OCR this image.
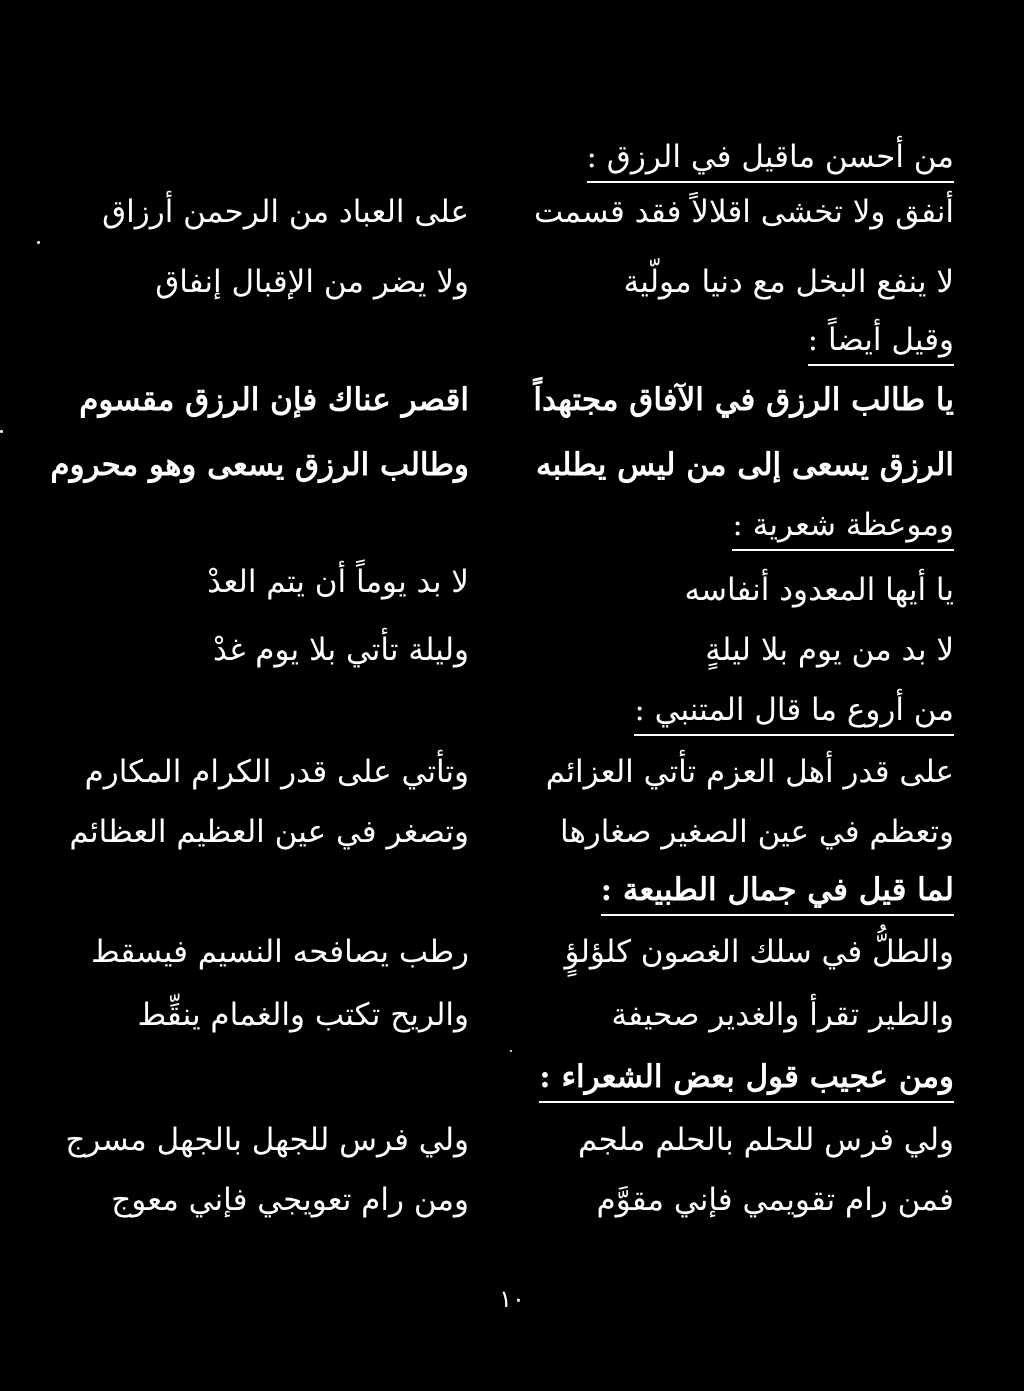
من أحسن ماقيل في الرزق :
أنفق ولا تخشى اقلالاً فقد قسمت
لا ينفع البخل مع دنيا مولّية
وقيل أيضاً :
يا طالب الرزق في الآفاق مجتهداً
الرزق يسعى إلى من ليس يطلبه
وموعظة شعرية :
يا أيها المعدود أنفاسه
لا بد من يوم بلا ليلةٍ
من أروع ما قال المتنبي :
على قدر أهل العزم تأتي العزائم
وتعظم في عين الصغير صغارها
لما قيل في جمال الطبيعة :
والطلُّ في سلك الغصون كلؤلؤٍ
والطير تقرأ والغدير صحيفة
ومن عجيب قول بعض الشعراء :
ولي فرس للحلم بالحلم ملجم
فمن رام تقويمي فإني مقوَّم
على العباد من الرحمن أرزاق
ولا يضر من الإقبال إنفاق
اقصر عناك فإن الرزق مقسوم
وطالب الرزق يسعى وهو محروم
لا بد يوماً أن يتم العدْ
وليلة تأتي بلا يوم غدْ
وتأتي على قدر الكرام المكارم
وتصغر في عين العظيم العظائم
رطب يصافحه النسيم فيسقط
والريح تكتب والغمام ينقِّط
ولي فرس للجهل بالجهل مسرج
ومن رام تعويجي فإني معوج
١٠
